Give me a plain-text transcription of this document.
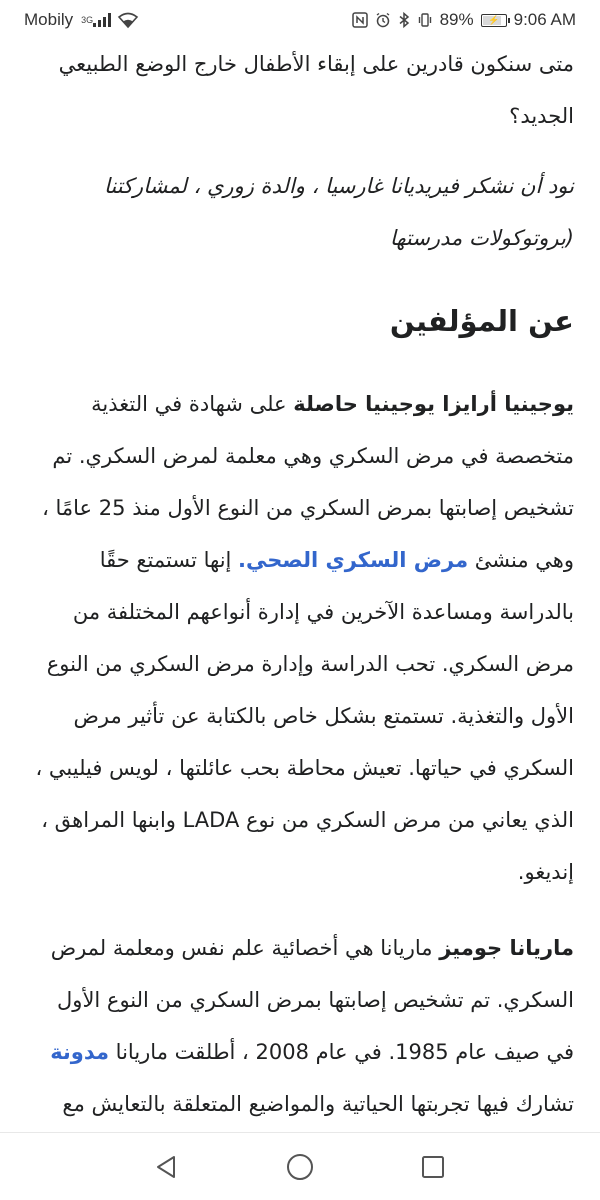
Mobily 3G	89% ⚡ 9:06 AM

متى سنكون قادرين على إبقاء الأطفال خارج الوضع الطبيعي الجديد؟

نود أن نشكر فيريديانا غارسيا ، والدة زوري ، لمشاركتنا (بروتوكولات مدرستها

عن المؤلفين

يوجينيا أرايزا يوجينيا حاصلة على شهادة في التغذية متخصصة في مرض السكري وهي معلمة لمرض السكري. تم تشخيص إصابتها بمرض السكري من النوع الأول منذ 25 عامًا ، وهي منشئ مرض السكري الصحي. إنها تستمتع حقًا بالدراسة ومساعدة الآخرين في إدارة أنواعهم المختلفة من مرض السكري. تحب الدراسة وإدارة مرض السكري من النوع الأول والتغذية. تستمتع بشكل خاص بالكتابة عن تأثير مرض السكري في حياتها. تعيش محاطة بحب عائلتها ، لويس فيليبي ، الذي يعاني من مرض السكري من نوع LADA وابنها المراهق ، إنديغو.

ماريانا جوميز ماريانا هي أخصائية علم نفس ومعلمة لمرض السكري. تم تشخيص إصابتها بمرض السكري من النوع الأول في صيف عام 1985. في عام 2008 ، أطلقت ماريانا مدونة تشارك فيها تجربتها الحياتية والمواضيع المتعلقة بالتعايش مع
